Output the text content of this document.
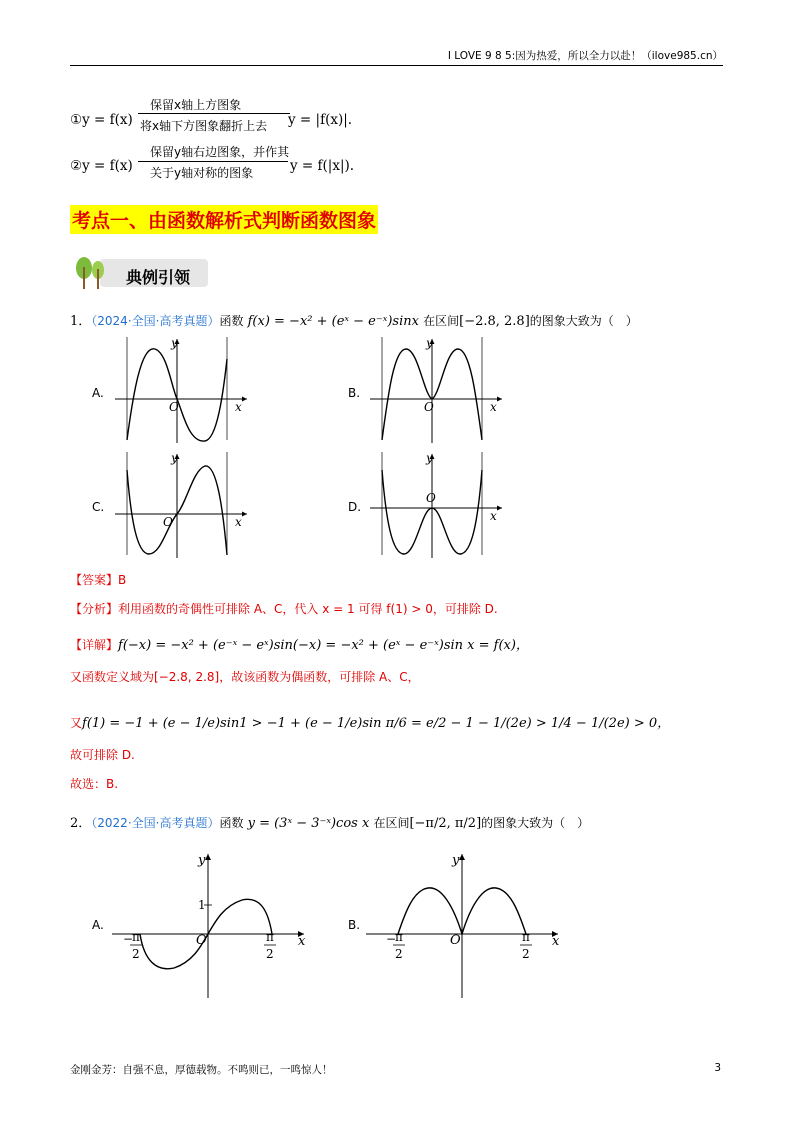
I LOVE 9 8 5:因为热爱，所以全力以赴！（ilove985.cn）
①y = f(x)
保留x轴上方图象
将x轴下方图象翻折上去 y = |f(x)|.
②y = f(x)
保留y轴右边图象，并作其
关于y轴对称的图象	y = f(|x|).
考点一、由函数解析式判断函数图象
典例引领
1．（2024·全国·高考真题）函数 f(x) = −x² + (eˣ − e⁻ˣ)sinx 在区间[−2.8, 2.8]的图象大致为（　）
A.	B.
C.	D.
O	x
y
O	x
y
O	x
y
O
x
y
【答案】B
【分析】利用函数的奇偶性可排除 A、C，代入 x = 1 可得 f(1) > 0，可排除 D.
【详解】f(−x) = −x² + (e⁻ˣ − eˣ)sin(−x) = −x² + (eˣ − e⁻ˣ)sin x = f(x)，
又函数定义域为[−2.8, 2.8]，故该函数为偶函数，可排除 A、C，
又f(1) = −1 + (e − 1/e)sin1 > −1 + (e − 1/e)sin π/6 = e/2 − 1 − 1/(2e) > 1/4 − 1/(2e) > 0，
故可排除 D.
故选：B.
2．（2022·全国·高考真题）函数 y = (3ˣ − 3⁻ˣ)cos x 在区间[−π/2, π/2]的图象大致为（　）
A.	B.
1
O	x
y
−
π
2
π
2
O	x
y
−
π
2
π
2
金刚金芳：自强不息，厚德载物。不鸣则已，一鸣惊人！	3
